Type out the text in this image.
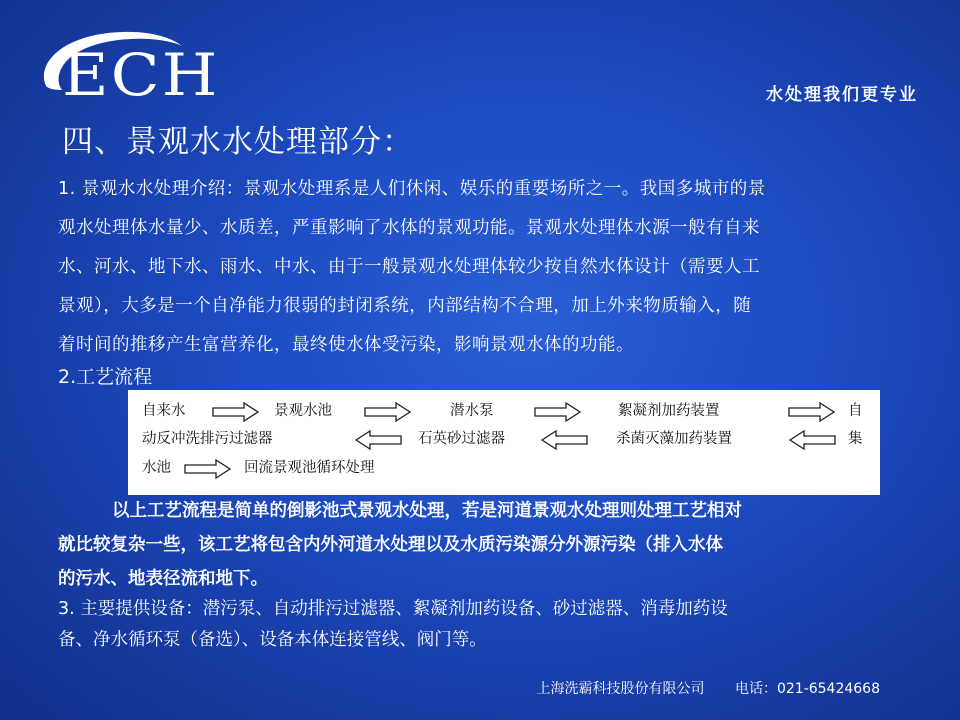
ECH	水处理我们更专业
四、景观水水处理部分：
1. 景观水水处理介绍：景观水处理系是人们休闲、娱乐的重要场所之一。我国多城市的景
观水处理体水量少、水质差，严重影响了水体的景观功能。景观水处理体水源一般有自来
水、河水、地下水、雨水、中水、由于一般景观水处理体较少按自然水体设计（需要人工
景观），大多是一个自净能力很弱的封闭系统，内部结构不合理，加上外来物质输入，随
着时间的推移产生富营养化，最终使水体受污染，影响景观水体的功能。
2.工艺流程
自来水	景观水池	潜水泵	絮凝剂加药装置	自
动反冲洗排污过滤器	石英砂过滤器	杀菌灭藻加药装置	集
水池	回流景观池循环处理
以上工艺流程是简单的倒影池式景观水处理，若是河道景观水处理则处理工艺相对
就比较复杂一些，该工艺将包含内外河道水处理以及水质污染源分外源污染（排入水体
的污水、地表径流和地下。
3. 主要提供设备：潜污泵、自动排污过滤器、絮凝剂加药设备、砂过滤器、消毒加药设
备、净水循环泵（备选）、设备本体连接管线、阀门等。
上海洗霸科技股份有限公司 电话：021-65424668
